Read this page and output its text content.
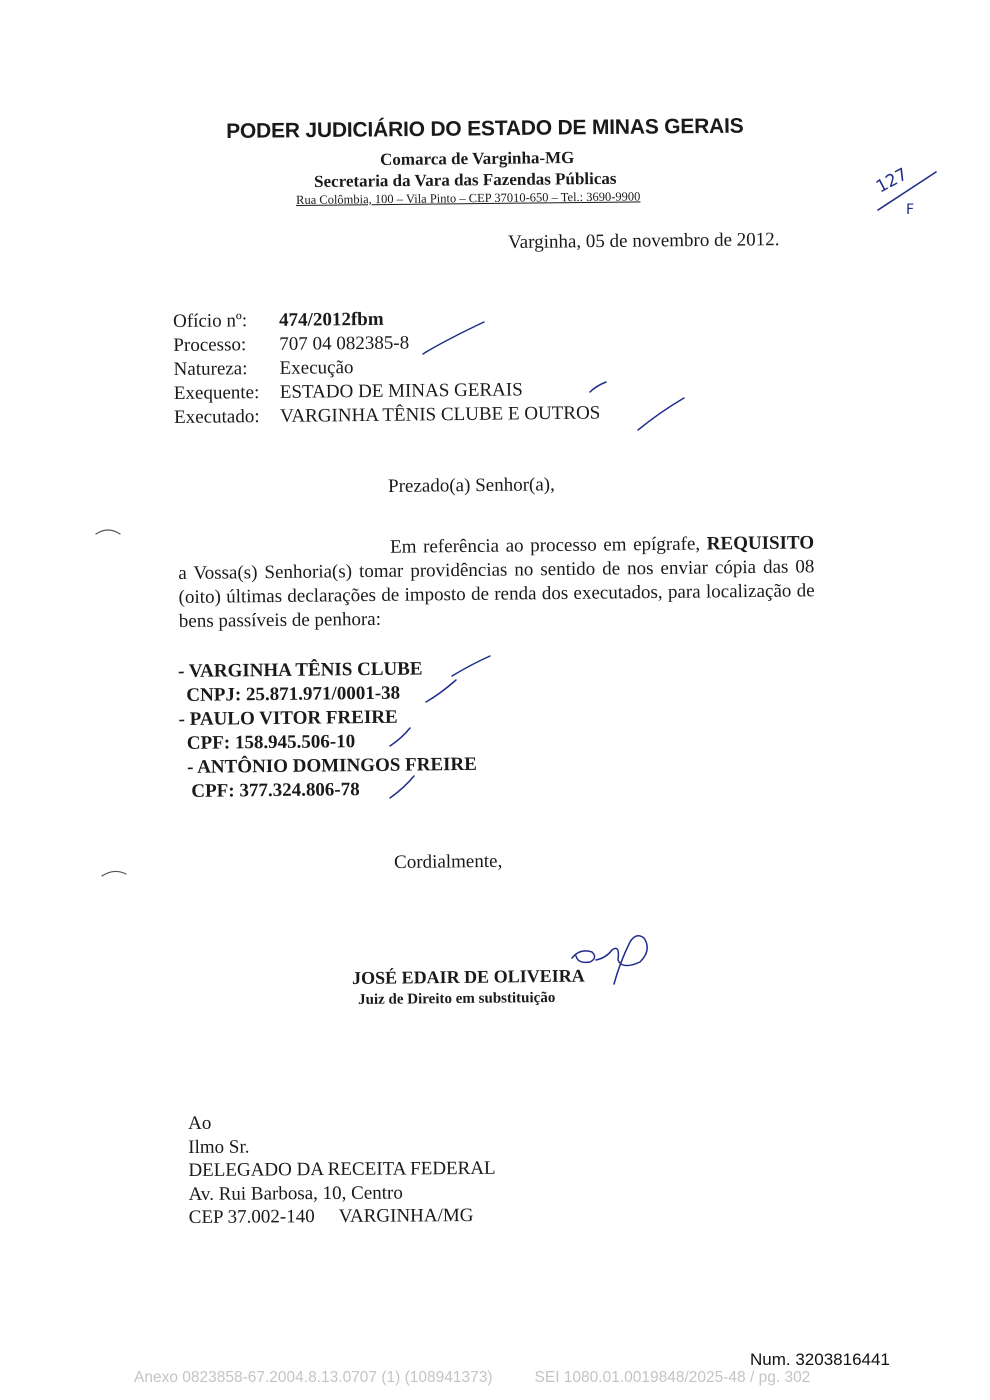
PODER JUDICIÁRIO DO ESTADO DE MINAS GERAIS
Comarca de Varginha-MG
Secretaria da Vara das Fazendas Públicas
Rua Colômbia, 100 – Vila Pinto – CEP 37010-650 – Tel.: 3690-9900
127
F
Varginha, 05 de novembro de 2012.
Ofício nº:	474/2012fbm
Processo:	707 04 082385-8
Natureza:	Execução
Exequente:	ESTADO DE MINAS GERAIS
Executado:	VARGINHA TÊNIS CLUBE E OUTROS
Prezado(a) Senhor(a),
Em referência ao processo em epígrafe, REQUISITO a Vossa(s) Senhoria(s) tomar providências no sentido de nos enviar cópia das 08 (oito) últimas declarações de imposto de renda dos executados, para localização de bens passíveis de penhora:
- VARGINHA TÊNIS CLUBE
CNPJ: 25.871.971/0001-38
- PAULO VITOR FREIRE
CPF: 158.945.506-10
- ANTÔNIO DOMINGOS FREIRE
CPF: 377.324.806-78
Cordialmente,
JOSÉ EDAIR DE OLIVEIRA
Juiz de Direito em substituição
Ao
Ilmo Sr.
DELEGADO DA RECEITA FEDERAL
Av. Rui Barbosa, 10, Centro
CEP 37.002-140 VARGINHA/MG
Num. 3203816441
Anexo 0823858-67.2004.8.13.0707 (1) (108941373)	SEI 1080.01.0019848/2025-48 / pg. 302
